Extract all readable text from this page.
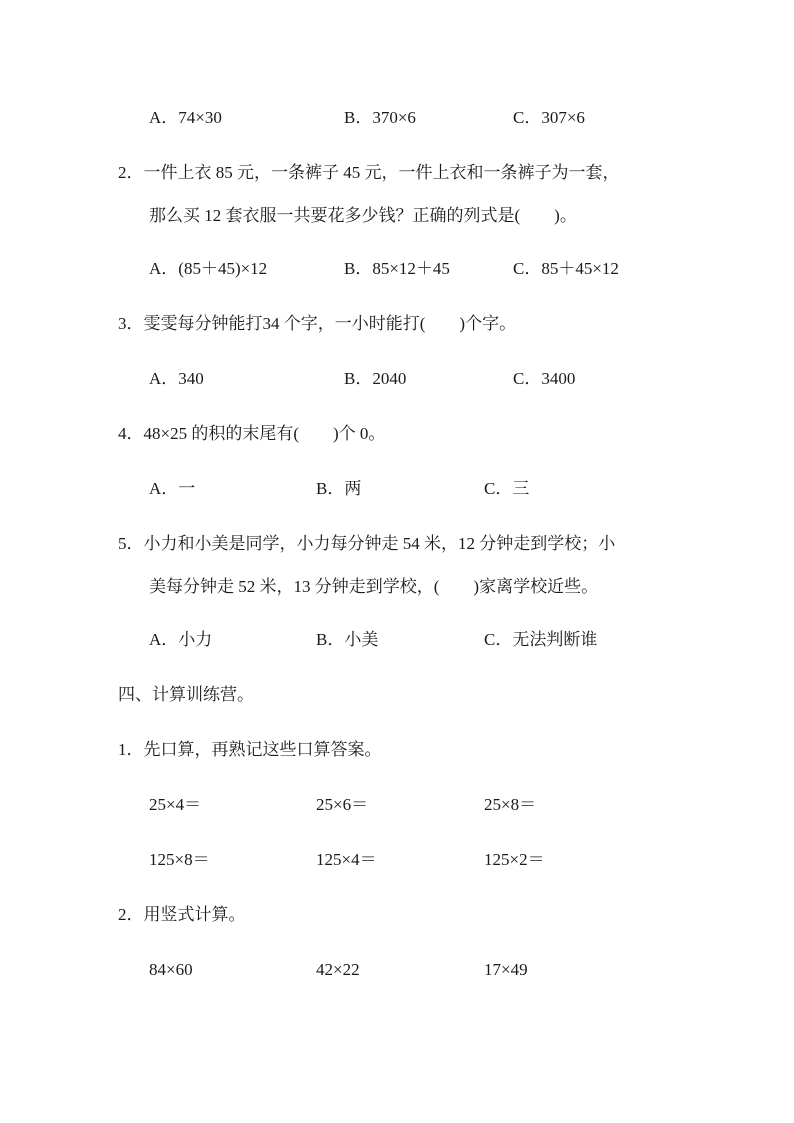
A．74×30	B．370×6	C．307×6
2．一件上衣 85 元，一条裤子 45 元，一件上衣和一条裤子为一套，
那么买 12 套衣服一共要花多少钱？正确的列式是(　　)。
A．(85＋45)×12	B．85×12＋45	C．85＋45×12
3．雯雯每分钟能打34 个字，一小时能打(　　)个字。
A．340	B．2040	C．3400
4．48×25 的积的末尾有(　　)个 0。
A．一	B．两	C．三
5．小力和小美是同学，小力每分钟走 54 米，12 分钟走到学校；小
美每分钟走 52 米，13 分钟走到学校，(　　)家离学校近些。
A．小力	B．小美	C．无法判断谁
四、计算训练营。
1．先口算，再熟记这些口算答案。
25×4＝	25×6＝	25×8＝
125×8＝	125×4＝	125×2＝
2．用竖式计算。
84×60	42×22	17×49
